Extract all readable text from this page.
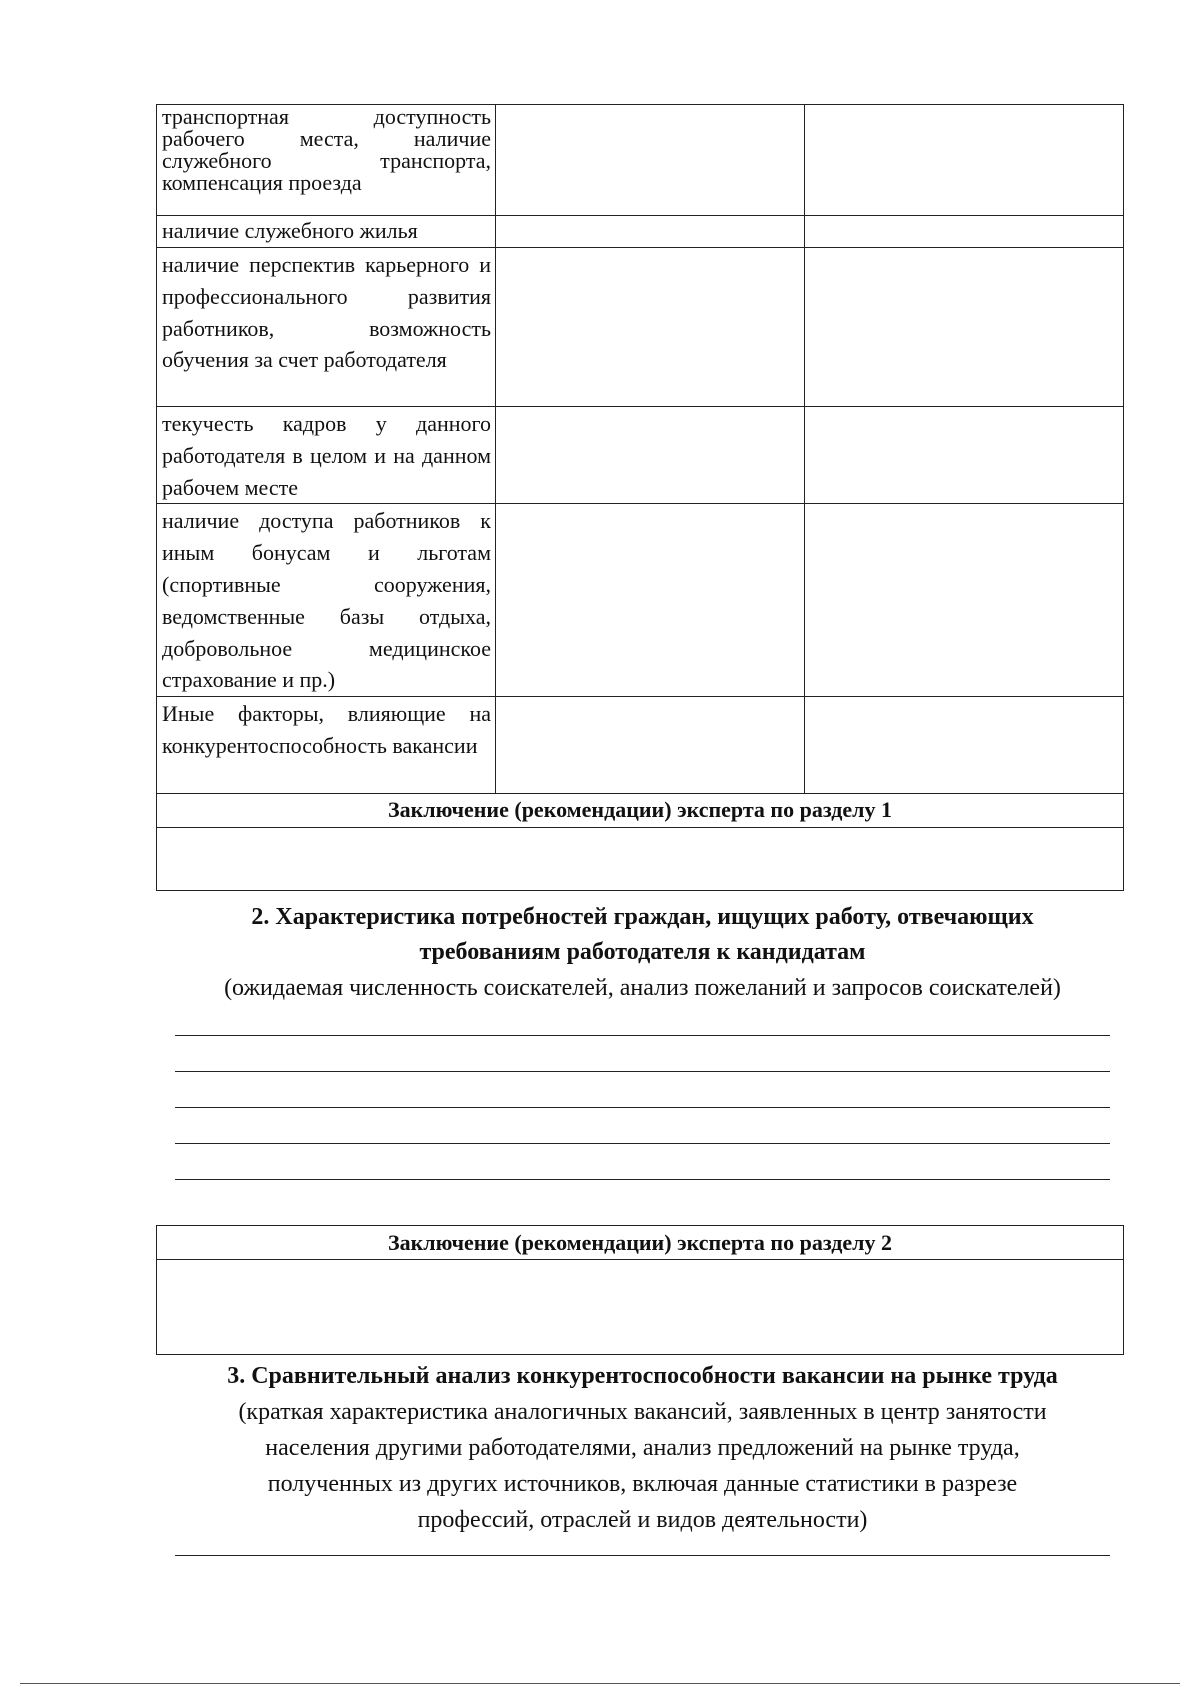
транспортная доступность рабочего места, наличие служебного транспорта, компенсация проезда		

наличие служебного жилья		

наличие перспектив карьерного и профессионального развития работников, возможность обучения за счет работодателя		

текучесть кадров у данного работодателя в целом и на данном рабочем месте		

наличие доступа работников к иным бонусам и льготам (спортивные сооружения, ведомственные базы отдыха, добровольное медицинское страхование и пр.)		

Иные факторы, влияющие на конкурентоспособность вакансии		

Заключение (рекомендации) эксперта по разделу 1		

2. Характеристика потребностей граждан, ищущих работу, отвечающих
требованиям работодателя к кандидатам
(ожидаемая численность соискателей, анализ пожеланий и запросов соискателей)
Заключение (рекомендации) эксперта по разделу 2

3. Сравнительный анализ конкурентоспособности вакансии на рынке труда
(краткая характеристика аналогичных вакансий, заявленных в центр занятости
населения другими работодателями, анализ предложений на рынке труда,
полученных из других источников, включая данные статистики в разрезе
профессий, отраслей и видов деятельности)
